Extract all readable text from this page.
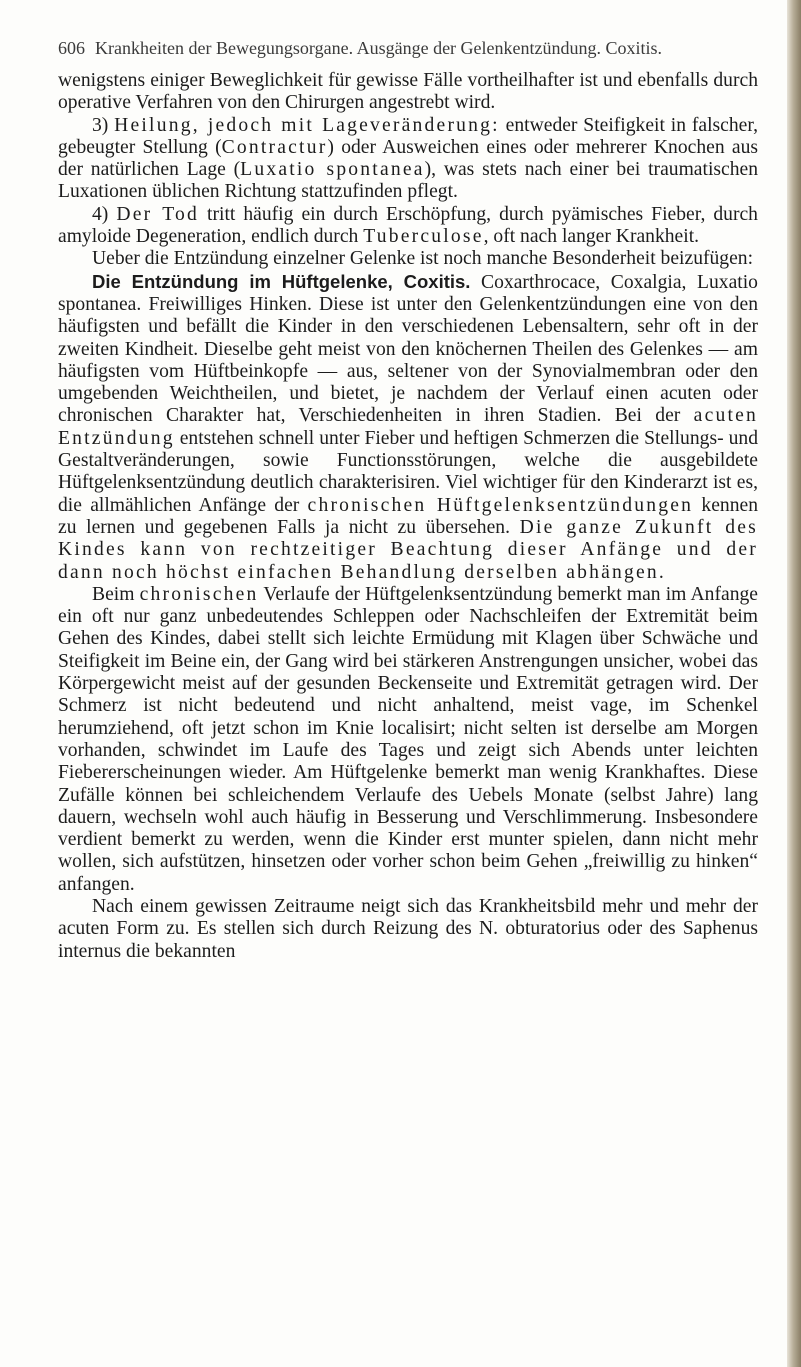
606 Krankheiten der Bewegungsorgane. Ausgänge der Gelenkentzündung. Coxitis.

wenigstens einiger Beweglichkeit für gewisse Fälle vortheilhafter ist und ebenfalls durch operative Verfahren von den Chirurgen angestrebt wird.

3) Heilung, jedoch mit Lageveränderung: entweder Steifigkeit in falscher, gebeugter Stellung (Contractur) oder Ausweichen eines oder mehrerer Knochen aus der natürlichen Lage (Luxatio spontanea), was stets nach einer bei traumatischen Luxationen üblichen Richtung stattzufinden pflegt.

4) Der Tod tritt häufig ein durch Erschöpfung, durch pyämisches Fieber, durch amyloide Degeneration, endlich durch Tuberculose, oft nach langer Krankheit.

Ueber die Entzündung einzelner Gelenke ist noch manche Besonderheit beizufügen:

Die Entzündung im Hüftgelenke, Coxitis. Coxarthrocace, Coxalgia, Luxatio spontanea. Freiwilliges Hinken. Diese ist unter den Gelenkentzündungen eine von den häufigsten und befällt die Kinder in den verschiedenen Lebensaltern, sehr oft in der zweiten Kindheit. Dieselbe geht meist von den knöchernen Theilen des Gelenkes — am häufigsten vom Hüftbeinkopfe — aus, seltener von der Synovialmembran oder den umgebenden Weichtheilen, und bietet, je nachdem der Verlauf einen acuten oder chronischen Charakter hat, Verschiedenheiten in ihren Stadien. Bei der acuten Entzündung entstehen schnell unter Fieber und heftigen Schmerzen die Stellungs- und Gestaltveränderungen, sowie Functionsstörungen, welche die ausgebildete Hüftgelenksentzündung deutlich charakterisiren. Viel wichtiger für den Kinderarzt ist es, die allmählichen Anfänge der chronischen Hüftgelenksentzündungen kennen zu lernen und gegebenen Falls ja nicht zu übersehen. Die ganze Zukunft des Kindes kann von rechtzeitiger Beachtung dieser Anfänge und der dann noch höchst einfachen Behandlung derselben abhängen.

Beim chronischen Verlaufe der Hüftgelenksentzündung bemerkt man im Anfange ein oft nur ganz unbedeutendes Schleppen oder Nachschleifen der Extremität beim Gehen des Kindes, dabei stellt sich leichte Ermüdung mit Klagen über Schwäche und Steifigkeit im Beine ein, der Gang wird bei stärkeren Anstrengungen unsicher, wobei das Körpergewicht meist auf der gesunden Beckenseite und Extremität getragen wird. Der Schmerz ist nicht bedeutend und nicht anhaltend, meist vage, im Schenkel herumziehend, oft jetzt schon im Knie localisirt; nicht selten ist derselbe am Morgen vorhanden, schwindet im Laufe des Tages und zeigt sich Abends unter leichten Fiebererscheinungen wieder. Am Hüftgelenke bemerkt man wenig Krankhaftes. Diese Zufälle können bei schleichendem Verlaufe des Uebels Monate (selbst Jahre) lang dauern, wechseln wohl auch häufig in Besserung und Verschlimmerung. Insbesondere verdient bemerkt zu werden, wenn die Kinder erst munter spielen, dann nicht mehr wollen, sich aufstützen, hinsetzen oder vorher schon beim Gehen „freiwillig zu hinken“ anfangen.

Nach einem gewissen Zeitraume neigt sich das Krankheitsbild mehr und mehr der acuten Form zu. Es stellen sich durch Reizung des N. obturatorius oder des Saphenus internus die bekannten
